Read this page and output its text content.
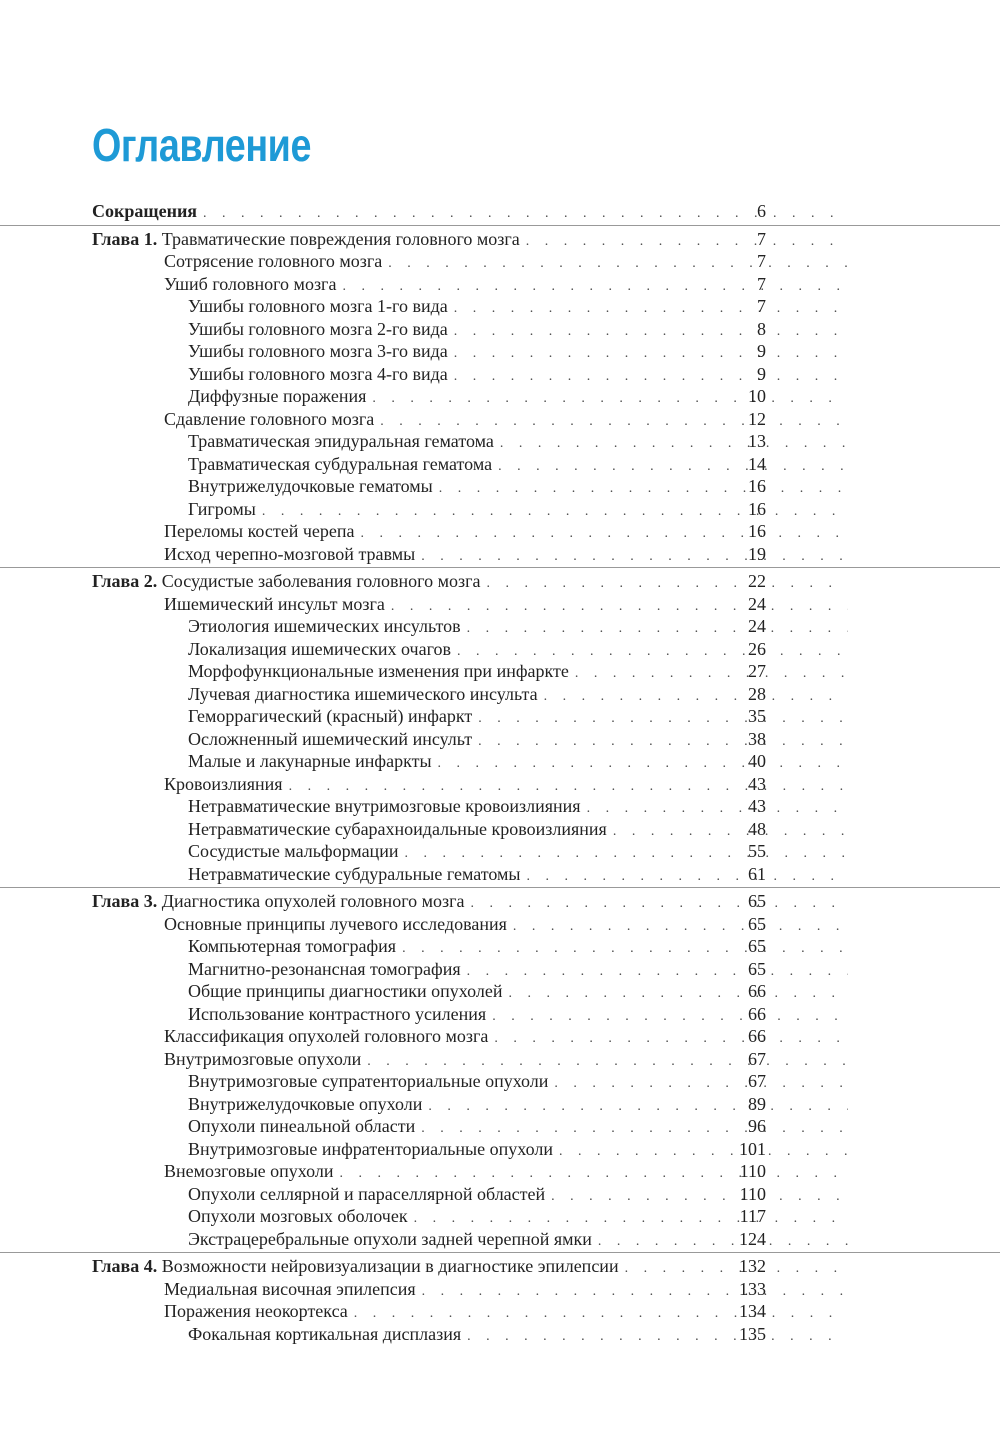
Оглавление
Сокращения . . .	6
Глава 1. Травматические повреждения головного мозга . . .	7
Сотрясение головного мозга . . .	7
Ушиб головного мозга . . .	7
Ушибы головного мозга 1-го вида . . .	7
Ушибы головного мозга 2-го вида . . .	8
Ушибы головного мозга 3-го вида . . .	9
Ушибы головного мозга 4-го вида . . .	9
Диффузные поражения . . .	10
Сдавление головного мозга . . .	12
Травматическая эпидуральная гематома . . .	13
Травматическая субдуральная гематома . . .	14
Внутрижелудочковые гематомы . . .	16
Гигромы . . .	16
Переломы костей черепа . . .	16
Исход черепно-мозговой травмы . . .	19
Глава 2. Сосудистые заболевания головного мозга . . .	22
Ишемический инсульт мозга . . .	24
Этиология ишемических инсультов . . .	24
Локализация ишемических очагов . . .	26
Морфофункциональные изменения при инфаркте . . .	27
Лучевая диагностика ишемического инсульта . . .	28
Геморрагический (красный) инфаркт . . .	35
Осложненный ишемический инсульт . . .	38
Малые и лакунарные инфаркты . . .	40
Кровоизлияния . . .	43
Нетравматические внутримозговые кровоизлияния . . .	43
Нетравматические субарахноидальные кровоизлияния . . .	48
Сосудистые мальформации . . .	55
Нетравматические субдуральные гематомы . . .	61
Глава 3. Диагностика опухолей головного мозга . . .	65
Основные принципы лучевого исследования . . .	65
Компьютерная томография . . .	65
Магнитно-резонансная томография . . .	65
Общие принципы диагностики опухолей . . .	66
Использование контрастного усиления . . .	66
Классификация опухолей головного мозга . . .	66
Внутримозговые опухоли . . .	67
Внутримозговые супратенториальные опухоли . . .	67
Внутрижелудочковые опухоли . . .	89
Опухоли пинеальной области . . .	96
Внутримозговые инфратенториальные опухоли . . .	101
Внемозговые опухоли . . .	110
Опухоли селлярной и параселлярной областей . . .	110
Опухоли мозговых оболочек . . .	117
Экстрацеребральные опухоли задней черепной ямки . . .	124
Глава 4. Возможности нейровизуализации в диагностике эпилепсии . . .	132
Медиальная височная эпилепсия . . .	133
Поражения неокортекса . . .	134
Фокальная кортикальная дисплазия . . .	135
